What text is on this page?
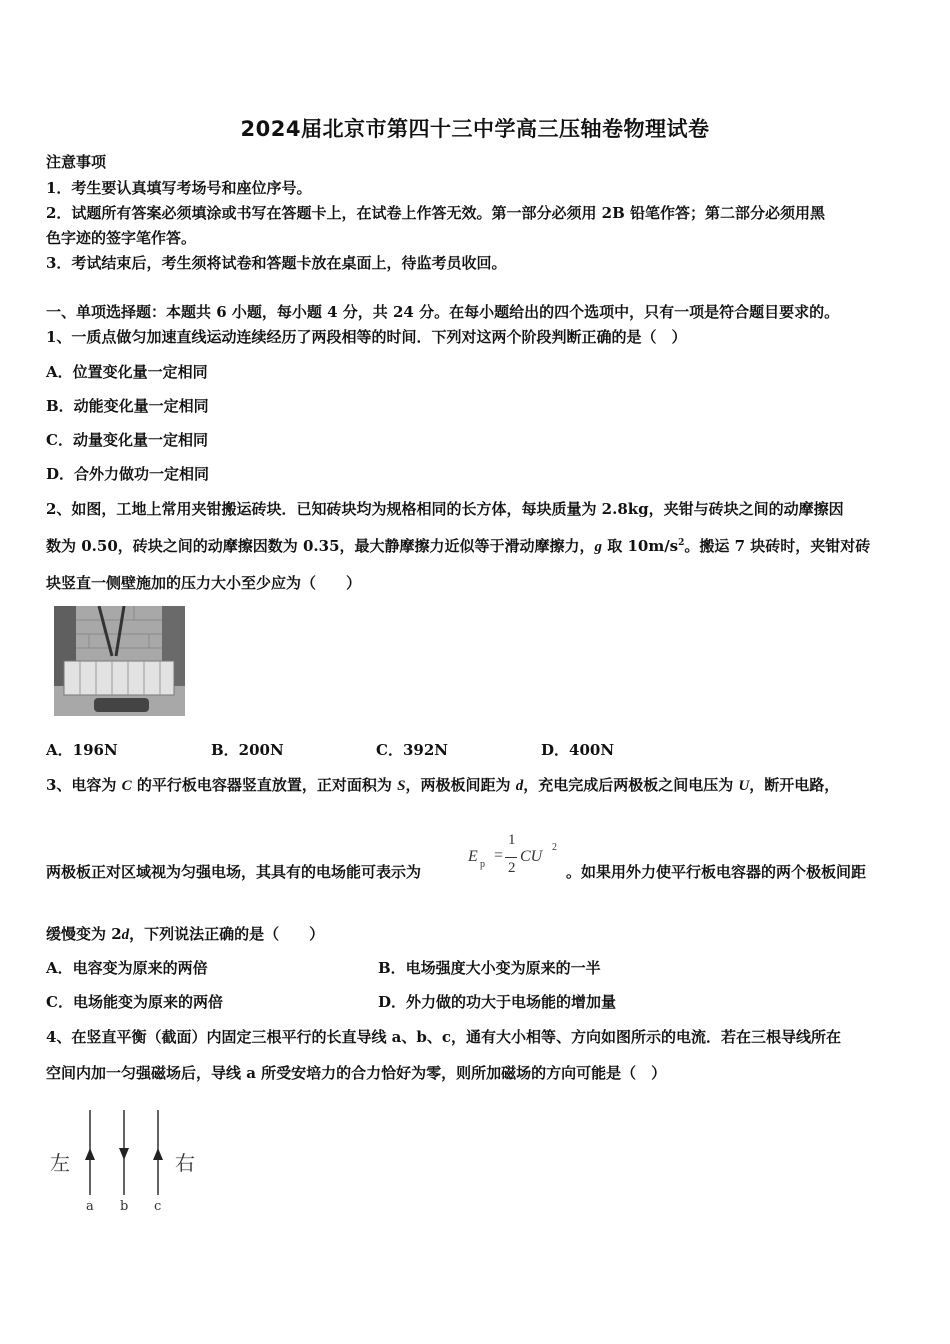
2024届北京市第四十三中学高三压轴卷物理试卷
注意事项
1．考生要认真填写考场号和座位序号。
2．试题所有答案必须填涂或书写在答题卡上，在试卷上作答无效。第一部分必须用 2B 铅笔作答；第二部分必须用黑
色字迹的签字笔作答。
3．考试结束后，考生须将试卷和答题卡放在桌面上，待监考员收回。
一、单项选择题：本题共 6 小题，每小题 4 分，共 24 分。在每小题给出的四个选项中，只有一项是符合题目要求的。
1、一质点做匀加速直线运动连续经历了两段相等的时间．下列对这两个阶段判断正确的是（　）
A．位置变化量一定相同
B．动能变化量一定相同
C．动量变化量一定相同
D．合外力做功一定相同
2、如图，工地上常用夹钳搬运砖块．已知砖块均为规格相同的长方体，每块质量为 2.8kg，夹钳与砖块之间的动摩擦因
数为 0.50，砖块之间的动摩擦因数为 0.35，最大静摩擦力近似等于滑动摩擦力，g 取 $10m/s^2$。搬运 7 块砖时，夹钳对砖
块竖直一侧壁施加的压力大小至少应为（　　）
A．196N	B．200N	C．392N	D．400N
3、电容为 C 的平行板电容器竖直放置，正对面积为 S，两极板间距为 d，充电完成后两极板之间电压为 U，断开电路，
两极板正对区域视为匀强电场，其具有的电场能可表示为
E p
=
1
2
CU
2
。如果用外力使平行板电容器的两个极板间距
缓慢变为 2d，下列说法正确的是（　　）
A．电容变为原来的两倍	B．电场强度大小变为原来的一半
C．电场能变为原来的两倍	D．外力做的功大于电场能的增加量
4、在竖直平衡（截面）内固定三根平行的长直导线 a、b、c，通有大小相等、方向如图所示的电流．若在三根导线所在
空间内加一匀强磁场后，导线 a 所受安培力的合力恰好为零，则所加磁场的方向可能是（　）
左	右
a b c
